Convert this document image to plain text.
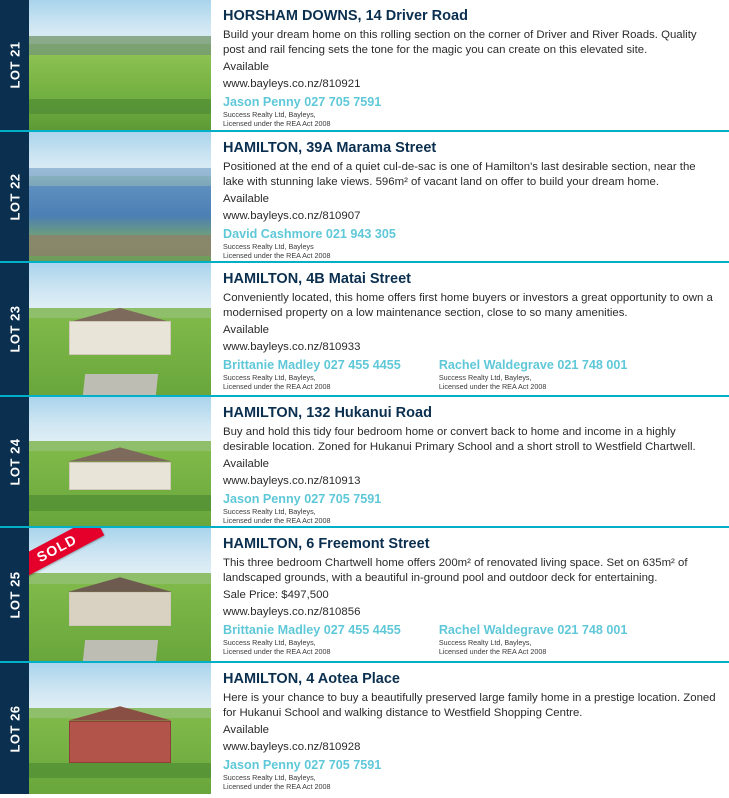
LOT 21
HORSHAM DOWNS, 14 Driver Road

Build your dream home on this rolling section on the corner of Driver and River Roads. Quality post and rail fencing sets the tone for the magic you can create on this elevated site.

Available
www.bayleys.co.nz/810921
Jason Penny 027 705 7591
Success Realty Ltd, Bayleys,
Licensed under the REA Act 2008
LOT 22
HAMILTON, 39A Marama Street

Positioned at the end of a quiet cul-de-sac is one of Hamilton's last desirable section, near the lake with stunning lake views. 596m² of vacant land on offer to build your dream home.

Available
www.bayleys.co.nz/810907
David Cashmore 021 943 305
Success Realty Ltd, Bayleys
Licensed under the REA Act 2008
LOT 23
HAMILTON, 4B Matai Street

Conveniently located, this home offers first home buyers or investors a great opportunity to own a modernised property on a low maintenance section, close to so many amenities.

Available
www.bayleys.co.nz/810933
Brittanie Madley 027 455 4455
Success Realty Ltd, Bayleys,
Licensed under the REA Act 2008
Rachel Waldegrave 021 748 001
Success Realty Ltd, Bayleys,
Licensed under the REA Act 2008
LOT 24
HAMILTON, 132 Hukanui Road

Buy and hold this tidy four bedroom home or convert back to home and income in a highly desirable location. Zoned for Hukanui Primary School and a short stroll to Westfield Chartwell.

Available
www.bayleys.co.nz/810913
Jason Penny 027 705 7591
Success Realty Ltd, Bayleys,
Licensed under the REA Act 2008
LOT 25
SOLD	HAMILTON, 6 Freemont Street

This three bedroom Chartwell home offers 200m² of renovated living space. Set on 635m² of landscaped grounds, with a beautiful in-ground pool and outdoor deck for entertaining.

Sale Price: $497,500
www.bayleys.co.nz/810856
Brittanie Madley 027 455 4455
Success Realty Ltd, Bayleys,
Licensed under the REA Act 2008
Rachel Waldegrave 021 748 001
Success Realty Ltd, Bayleys,
Licensed under the REA Act 2008
LOT 26
HAMILTON, 4 Aotea Place

Here is your chance to buy a beautifully preserved large family home in a prestige location. Zoned for Hukanui School and walking distance to Westfield Shopping Centre.

Available
www.bayleys.co.nz/810928
Jason Penny 027 705 7591
Success Realty Ltd, Bayleys,
Licensed under the REA Act 2008
